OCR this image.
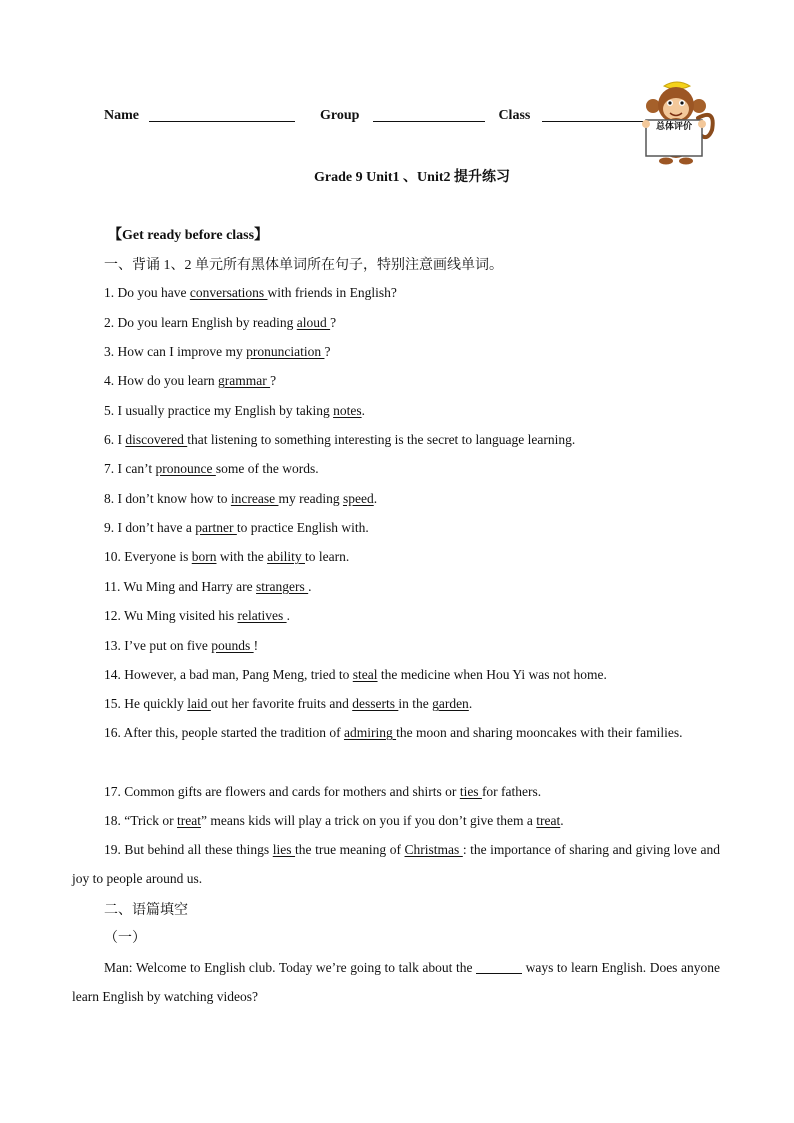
Name	Group	Class
总体评价
Grade 9 Unit1 、Unit2 提升练习
【Get ready before class】
一、背诵 1、2 单元所有黑体单词所在句子，特别注意画线单词。
1. Do you have conversations with friends in English?
2. Do you learn English by reading aloud ?
3. How can I improve my pronunciation ?
4. How do you learn grammar ?
5. I usually practice my English by taking notes.
6. I discovered that listening to something interesting is the secret to language learning.
7. I can’t pronounce some of the words.
8. I don’t know how to increase my reading speed.
9. I don’t have a partner to practice English with.
10. Everyone is born with the ability to learn.
11. Wu Ming and Harry are strangers .
12. Wu Ming visited his relatives .
13. I’ve put on five pounds !
14. However, a bad man, Pang Meng, tried to steal the medicine when Hou Yi was not home.
15. He quickly laid out her favorite fruits and desserts in the garden.
16. After this, people started the tradition of admiring the moon and sharing mooncakes with their families.
17. Common gifts are flowers and cards for mothers and shirts or ties for fathers.
18. “Trick or treat” means kids will play a trick on you if you don’t give them a treat.
19. But behind all these things lies the true meaning of Christmas : the importance of sharing and giving love and joy to people around us.
二、语篇填空
（一）
Man: Welcome to English club. Today we’re going to talk about the	ways to learn English. Does anyone learn English by watching videos?
